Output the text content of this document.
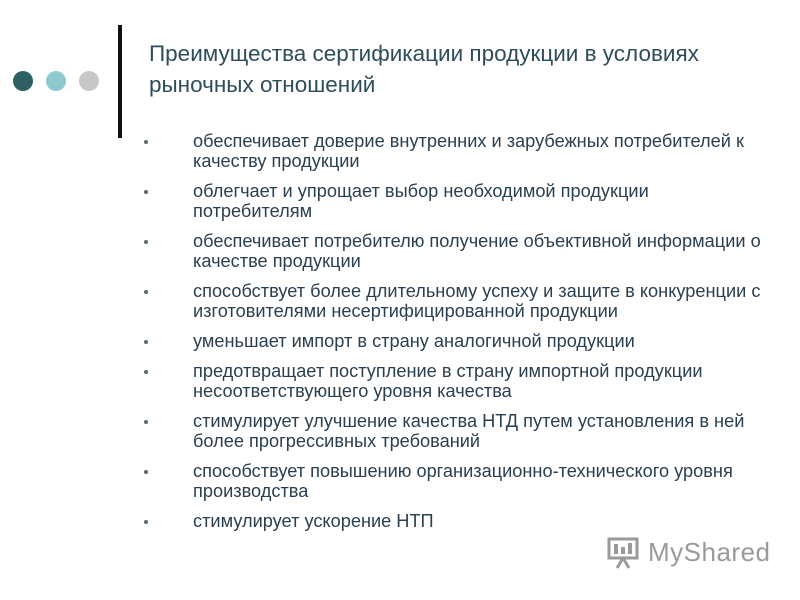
Преимущества сертификации продукции в условиях рыночных отношений
обеспечивает доверие внутренних и зарубежных потребителей к качеству продукции
облегчает и упрощает выбор необходимой продукции потребителям
обеспечивает потребителю получение объективной информации о качестве продукции
способствует более длительному успеху и защите в конкуренции с изготовителями несертифицированной продукции
уменьшает импорт в страну аналогичной продукции
предотвращает поступление в страну импортной продукции несоответствующего уровня качества
стимулирует улучшение качества НТД путем установления в ней более прогрессивных требований
способствует повышению организационно-технического уровня производства
стимулирует ускорение НТП
MyShared
